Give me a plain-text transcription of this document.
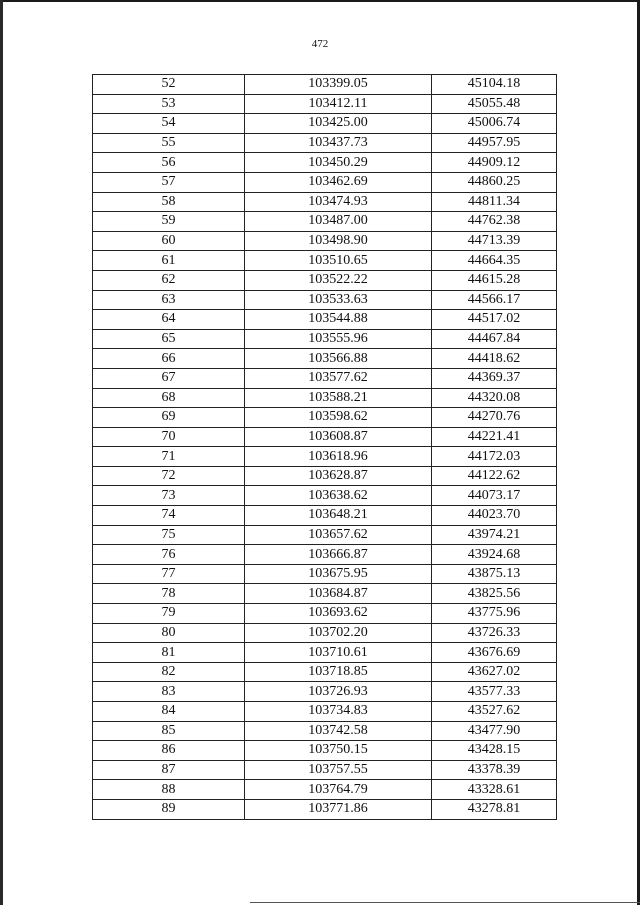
472
52	103399.05	45104.18
53	103412.11	45055.48
54	103425.00	45006.74
55	103437.73	44957.95
56	103450.29	44909.12
57	103462.69	44860.25
58	103474.93	44811.34
59	103487.00	44762.38
60	103498.90	44713.39
61	103510.65	44664.35
62	103522.22	44615.28
63	103533.63	44566.17
64	103544.88	44517.02
65	103555.96	44467.84
66	103566.88	44418.62
67	103577.62	44369.37
68	103588.21	44320.08
69	103598.62	44270.76
70	103608.87	44221.41
71	103618.96	44172.03
72	103628.87	44122.62
73	103638.62	44073.17
74	103648.21	44023.70
75	103657.62	43974.21
76	103666.87	43924.68
77	103675.95	43875.13
78	103684.87	43825.56
79	103693.62	43775.96
80	103702.20	43726.33
81	103710.61	43676.69
82	103718.85	43627.02
83	103726.93	43577.33
84	103734.83	43527.62
85	103742.58	43477.90
86	103750.15	43428.15
87	103757.55	43378.39
88	103764.79	43328.61
89	103771.86	43278.81
